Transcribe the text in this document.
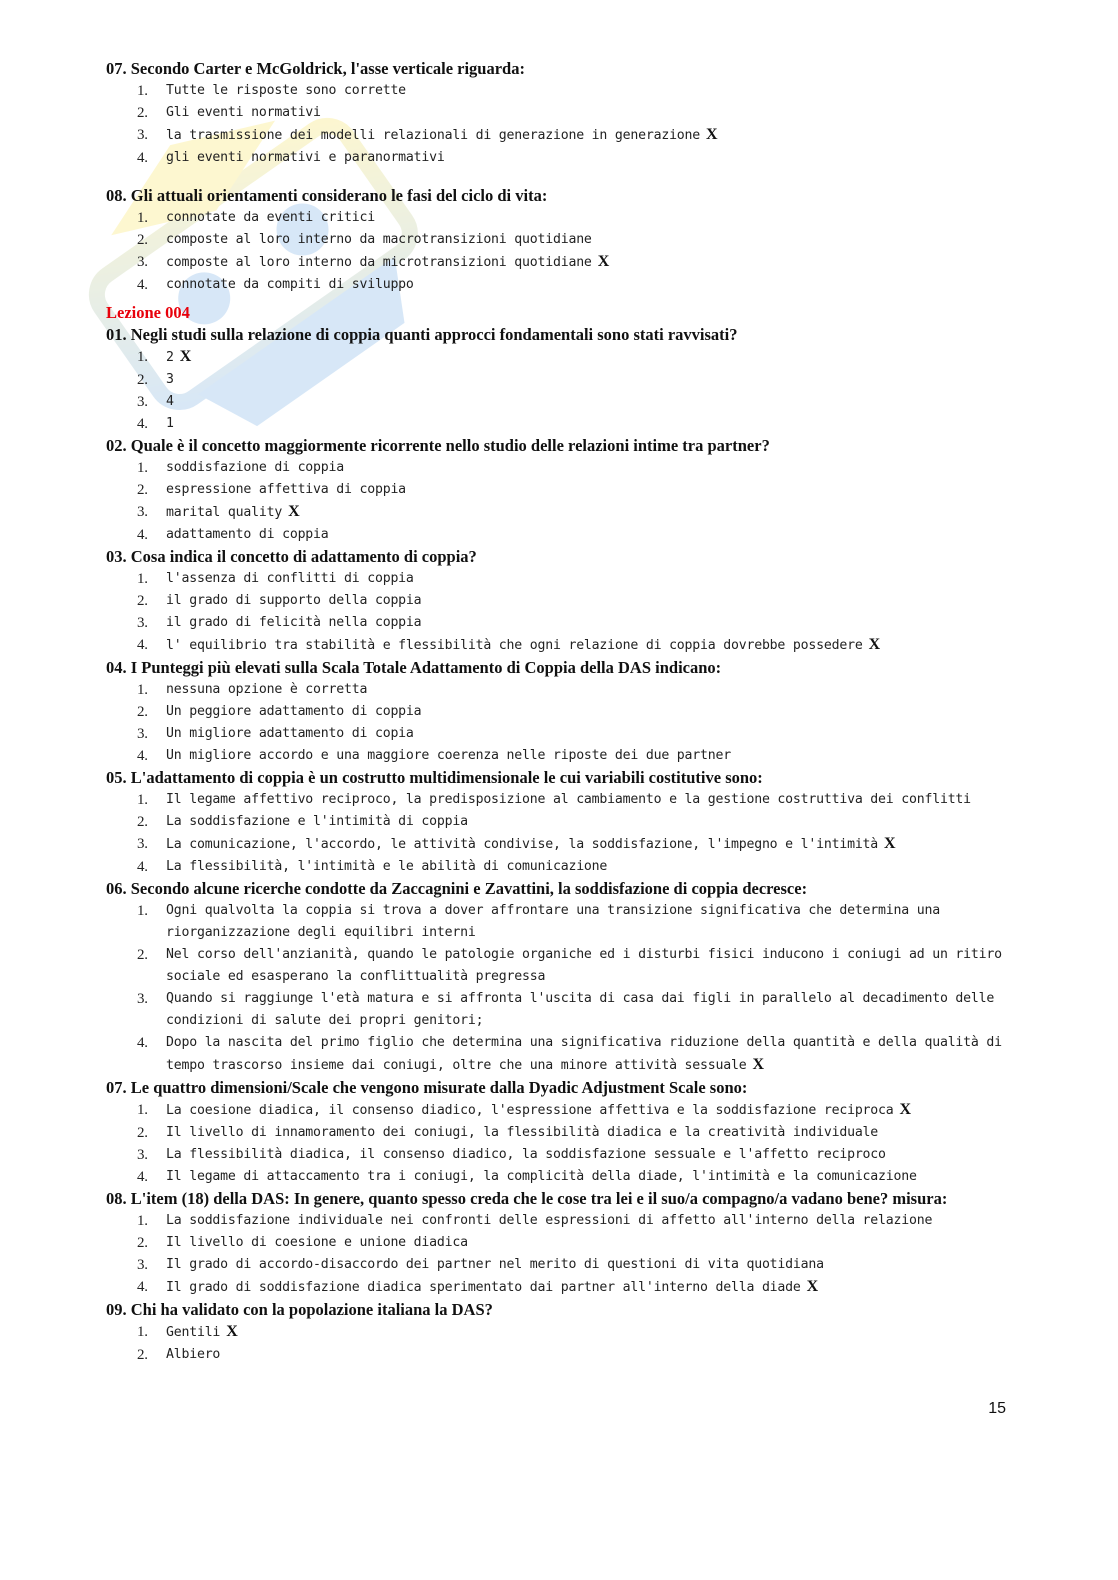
07. Secondo Carter e McGoldrick, l'asse verticale riguarda:

1. Tutte le risposte sono corrette
2. Gli eventi normativi
3. la trasmissione dei modelli relazionali di generazione in generazione X
4. gli eventi normativi e paranormativi

08. Gli attuali orientamenti considerano le fasi del ciclo di vita:

1. connotate da eventi critici
2. composte al loro interno da macrotransizioni quotidiane
3. composte al loro interno da microtransizioni quotidiane X
4. connotate da compiti di sviluppo
Lezione 004

01. Negli studi sulla relazione di coppia quanti approcci fondamentali sono stati ravvisati?

1. 2 X
2. 3
3. 4
4. 1

02. Quale è il concetto maggiormente ricorrente nello studio delle relazioni intime tra partner?

1. soddisfazione di coppia
2. espressione affettiva di coppia
3. marital quality X
4. adattamento di coppia

03. Cosa indica il concetto di adattamento di coppia?

1. l'assenza di conflitti di coppia
2. il grado di supporto della coppia
3. il grado di felicità nella coppia
4. l' equilibrio tra stabilità e flessibilità che ogni relazione di coppia dovrebbe possedere X

04. I Punteggi più elevati sulla Scala Totale Adattamento di Coppia della DAS indicano:

1. nessuna opzione è corretta
2. Un peggiore adattamento di coppia
3. Un migliore adattamento di copia
4. Un migliore accordo e una maggiore coerenza nelle riposte dei due partner

05. L'adattamento di coppia è un costrutto multidimensionale le cui variabili costitutive sono:

1. Il legame affettivo reciproco, la predisposizione al cambiamento e la gestione costruttiva dei conflitti
2. La soddisfazione e l'intimità di coppia
3. La comunicazione, l'accordo, le attività condivise, la soddisfazione, l'impegno e l'intimità X
4. La flessibilità, l'intimità e le abilità di comunicazione

06. Secondo alcune ricerche condotte da Zaccagnini e Zavattini, la soddisfazione di coppia decresce:

1. Ogni qualvolta la coppia si trova a dover affrontare una transizione significativa che determina una riorganizzazione degli equilibri interni
2. Nel corso dell'anzianità, quando le patologie organiche ed i disturbi fisici inducono i coniugi ad un ritiro sociale ed esasperano la conflittualità pregressa
3. Quando si raggiunge l'età matura e si affronta l'uscita di casa dai figli in parallelo al decadimento delle condizioni di salute dei propri genitori;
4. Dopo la nascita del primo figlio che determina una significativa riduzione della quantità e della qualità di tempo trascorso insieme dai coniugi, oltre che una minore attività sessuale X

07. Le quattro dimensioni/Scale che vengono misurate dalla Dyadic Adjustment Scale sono:

1. La coesione diadica, il consenso diadico, l'espressione affettiva e la soddisfazione reciproca X
2. Il livello di innamoramento dei coniugi, la flessibilità diadica e la creatività individuale
3. La flessibilità diadica, il consenso diadico, la soddisfazione sessuale e l'affetto reciproco
4. Il legame di attaccamento tra i coniugi, la complicità della diade, l'intimità e la comunicazione

08. L'item (18) della DAS: In genere, quanto spesso creda che le cose tra lei e il suo/a compagno/a vadano bene? misura:

1. La soddisfazione individuale nei confronti delle espressioni di affetto all'interno della relazione
2. Il livello di coesione e unione diadica
3. Il grado di accordo-disaccordo dei partner nel merito di questioni di vita quotidiana
4. Il grado di soddisfazione diadica sperimentato dai partner all'interno della diade X

09. Chi ha validato con la popolazione italiana la DAS?

1. Gentili X
2. Albiero
15
